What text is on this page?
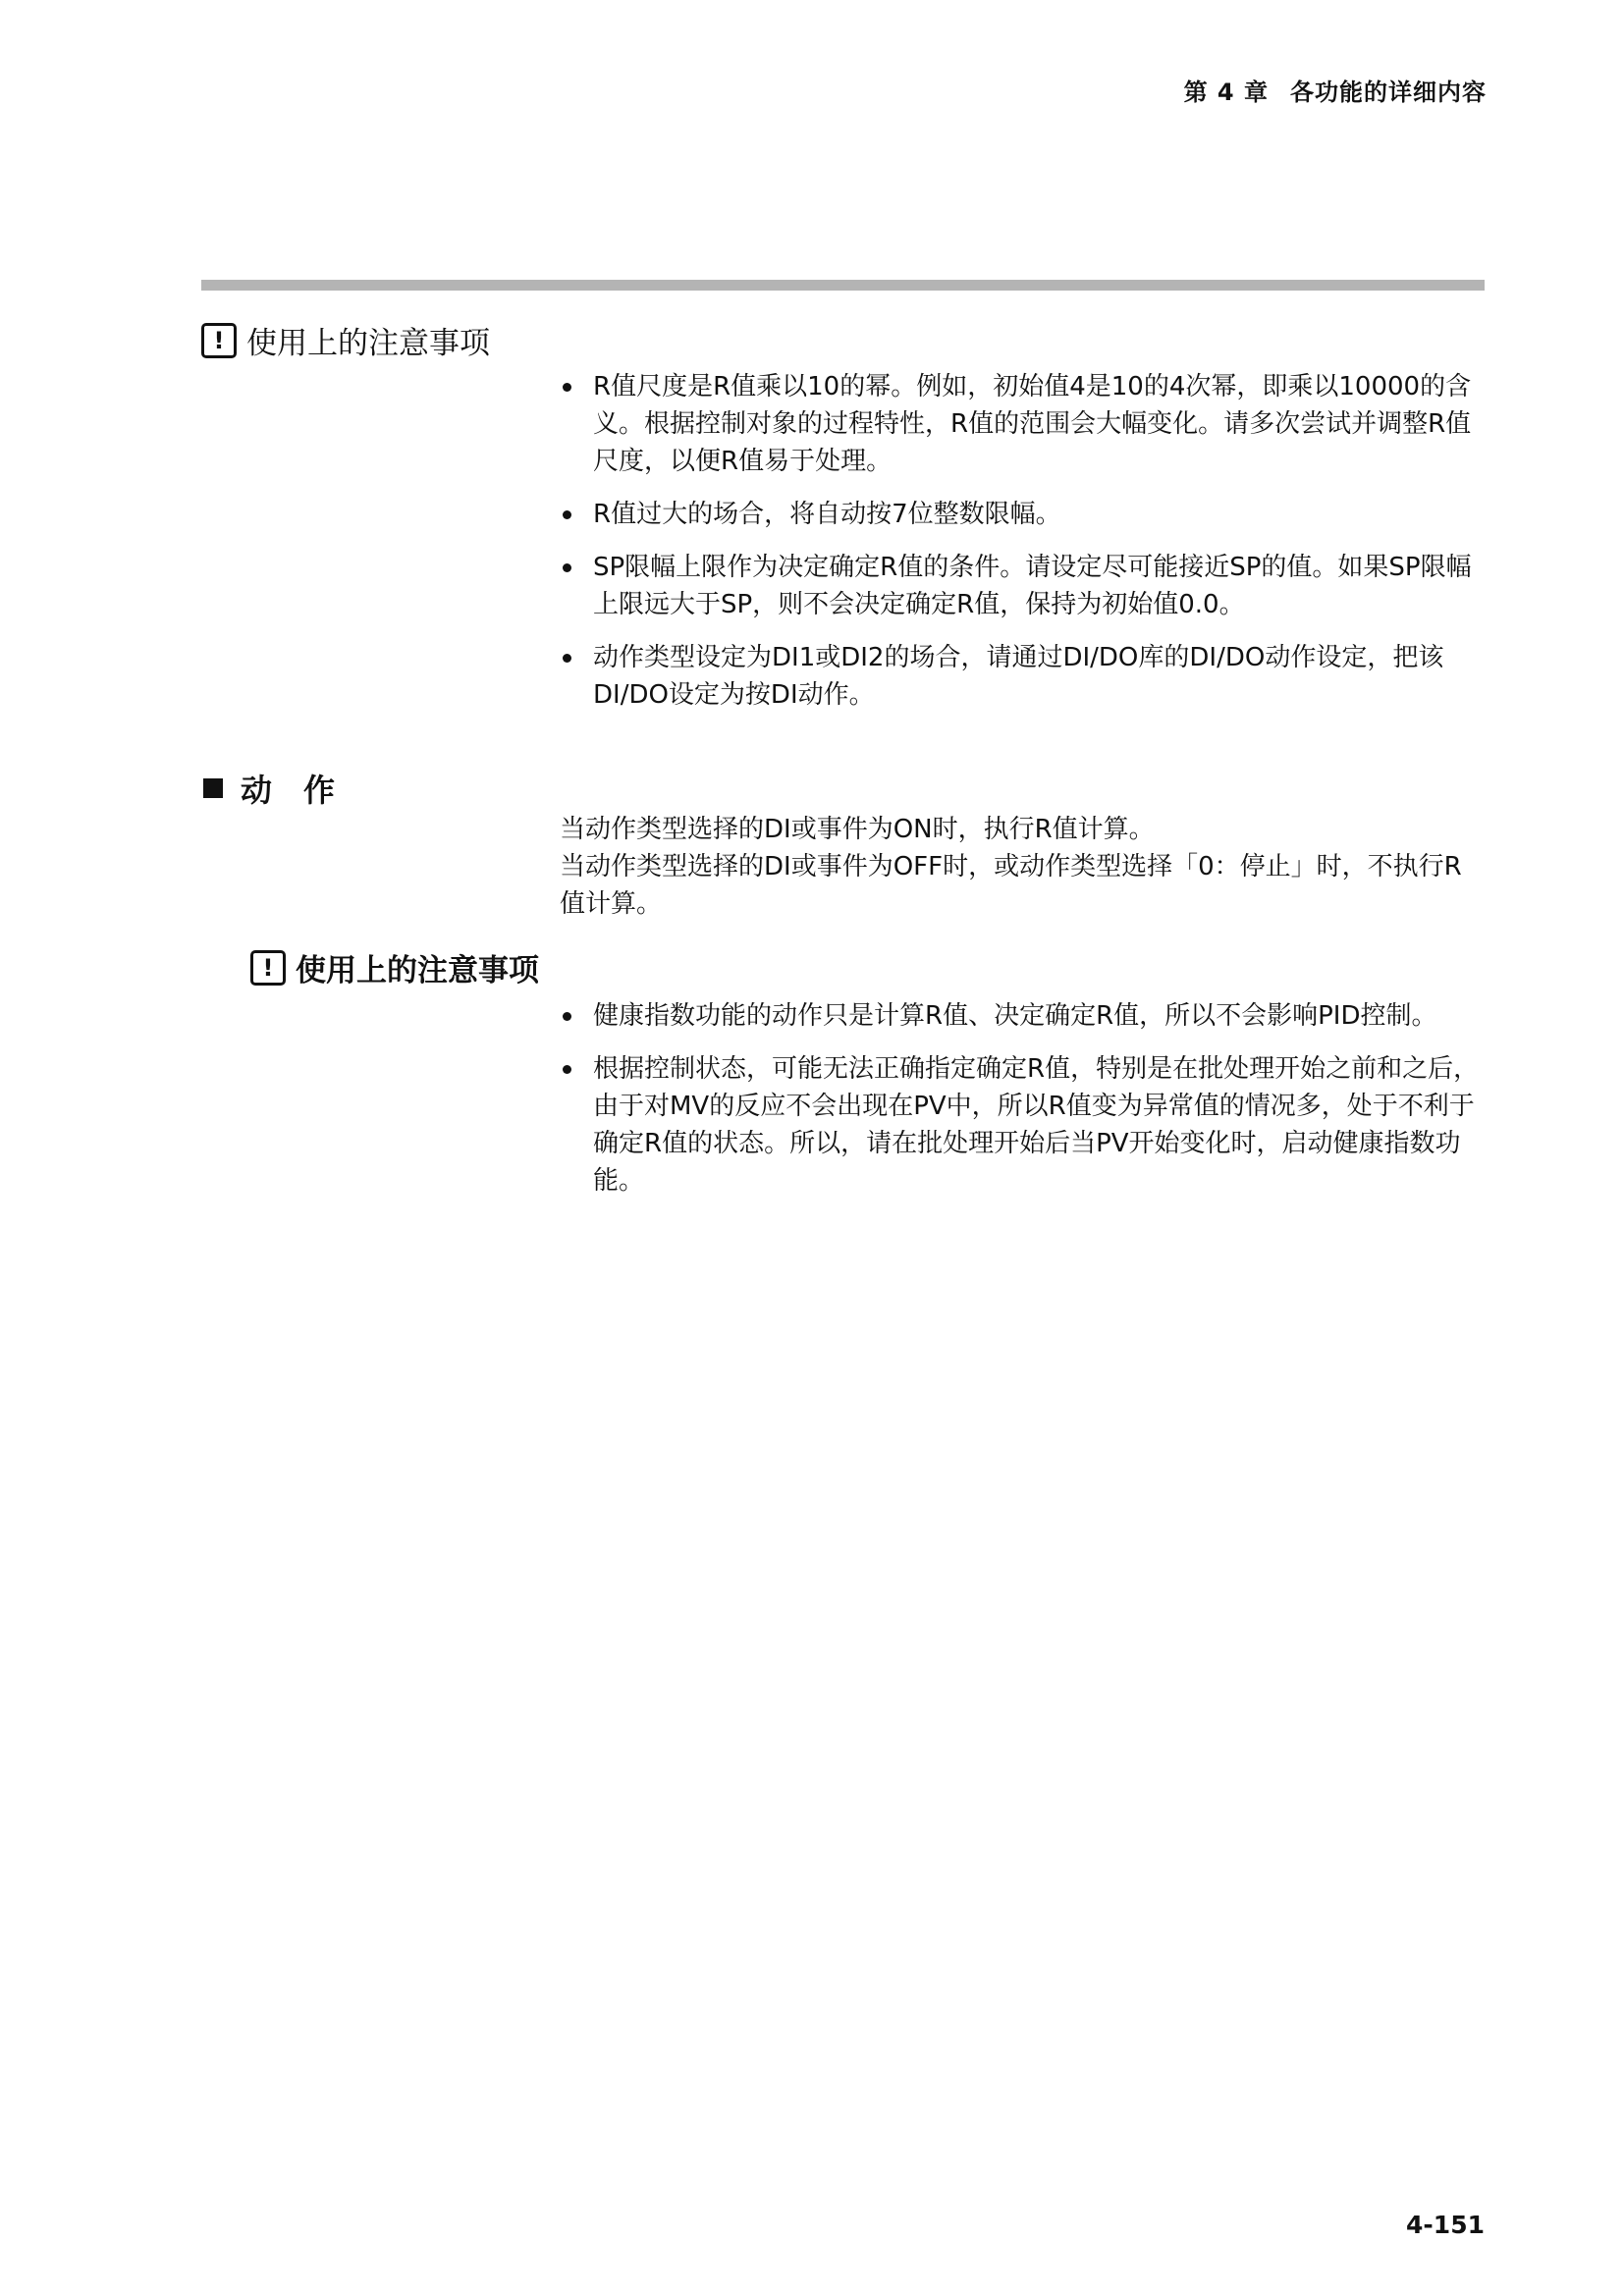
第 4 章 各功能的详细内容
! 使用上的注意事项
R值尺度是R值乘以10的幂。例如，初始值4是10的4次幂，即乘以10000的含义。根据控制对象的过程特性，R值的范围会大幅变化。请多次尝试并调整R值尺度，以便R值易于处理。
R值过大的场合，将自动按7位整数限幅。
SP限幅上限作为决定确定R值的条件。请设定尽可能接近SP的值。如果SP限幅上限远大于SP，则不会决定确定R值，保持为初始值0.0。
动作类型设定为DI1或DI2的场合，请通过DI/DO库的DI/DO动作设定，把该DI/DO设定为按DI动作。
动　作

当动作类型选择的DI或事件为ON时，执行R值计算。

当动作类型选择的DI或事件为OFF时，或动作类型选择「0：停止」时，不执行R值计算。

! 使用上的注意事项
健康指数功能的动作只是计算R值、决定确定R值，所以不会影响PID控制。
根据控制状态，可能无法正确指定确定R值，特别是在批处理开始之前和之后，由于对MV的反应不会出现在PV中，所以R值变为异常值的情况多，处于不利于确定R值的状态。所以，请在批处理开始后当PV开始变化时，启动健康指数功能。
4-151
